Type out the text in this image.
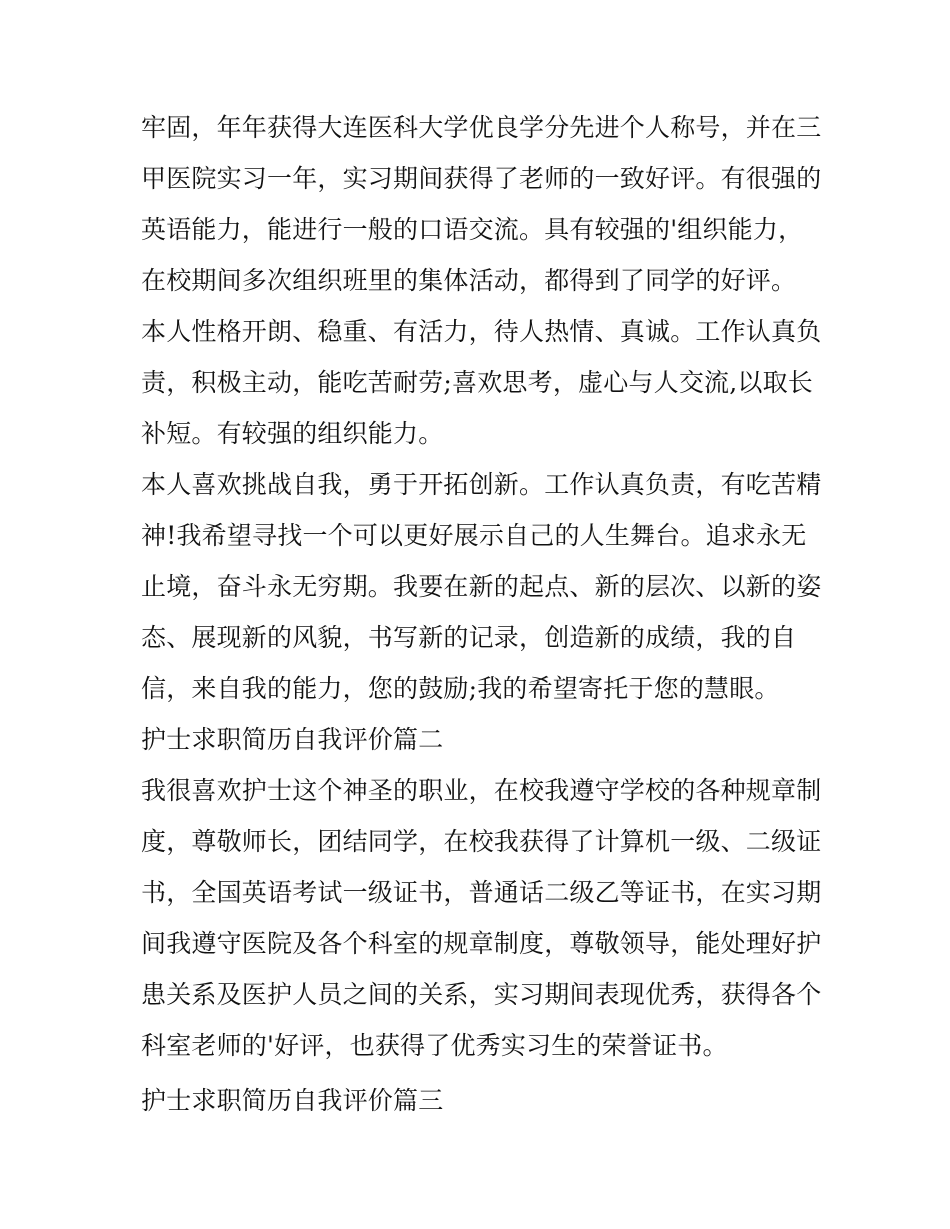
牢固，年年获得大连医科大学优良学分先进个人称号，并在三
甲医院实习一年，实习期间获得了老师的一致好评。有很强的
英语能力，能进行一般的口语交流。具有较强的'组织能力，
在校期间多次组织班里的集体活动，都得到了同学的好评。
本人性格开朗、稳重、有活力，待人热情、真诚。工作认真负
责，积极主动，能吃苦耐劳;喜欢思考，虚心与人交流,以取长
补短。有较强的组织能力。
本人喜欢挑战自我，勇于开拓创新。工作认真负责，有吃苦精
神!我希望寻找一个可以更好展示自己的人生舞台。追求永无
止境，奋斗永无穷期。我要在新的起点、新的层次、以新的姿
态、展现新的风貌，书写新的记录，创造新的成绩，我的自
信，来自我的能力，您的鼓励;我的希望寄托于您的慧眼。
护士求职简历自我评价篇二
我很喜欢护士这个神圣的职业，在校我遵守学校的各种规章制
度，尊敬师长，团结同学，在校我获得了计算机一级、二级证
书，全国英语考试一级证书，普通话二级乙等证书，在实习期
间我遵守医院及各个科室的规章制度，尊敬领导，能处理好护
患关系及医护人员之间的关系，实习期间表现优秀，获得各个
科室老师的'好评，也获得了优秀实习生的荣誉证书。
护士求职简历自我评价篇三
